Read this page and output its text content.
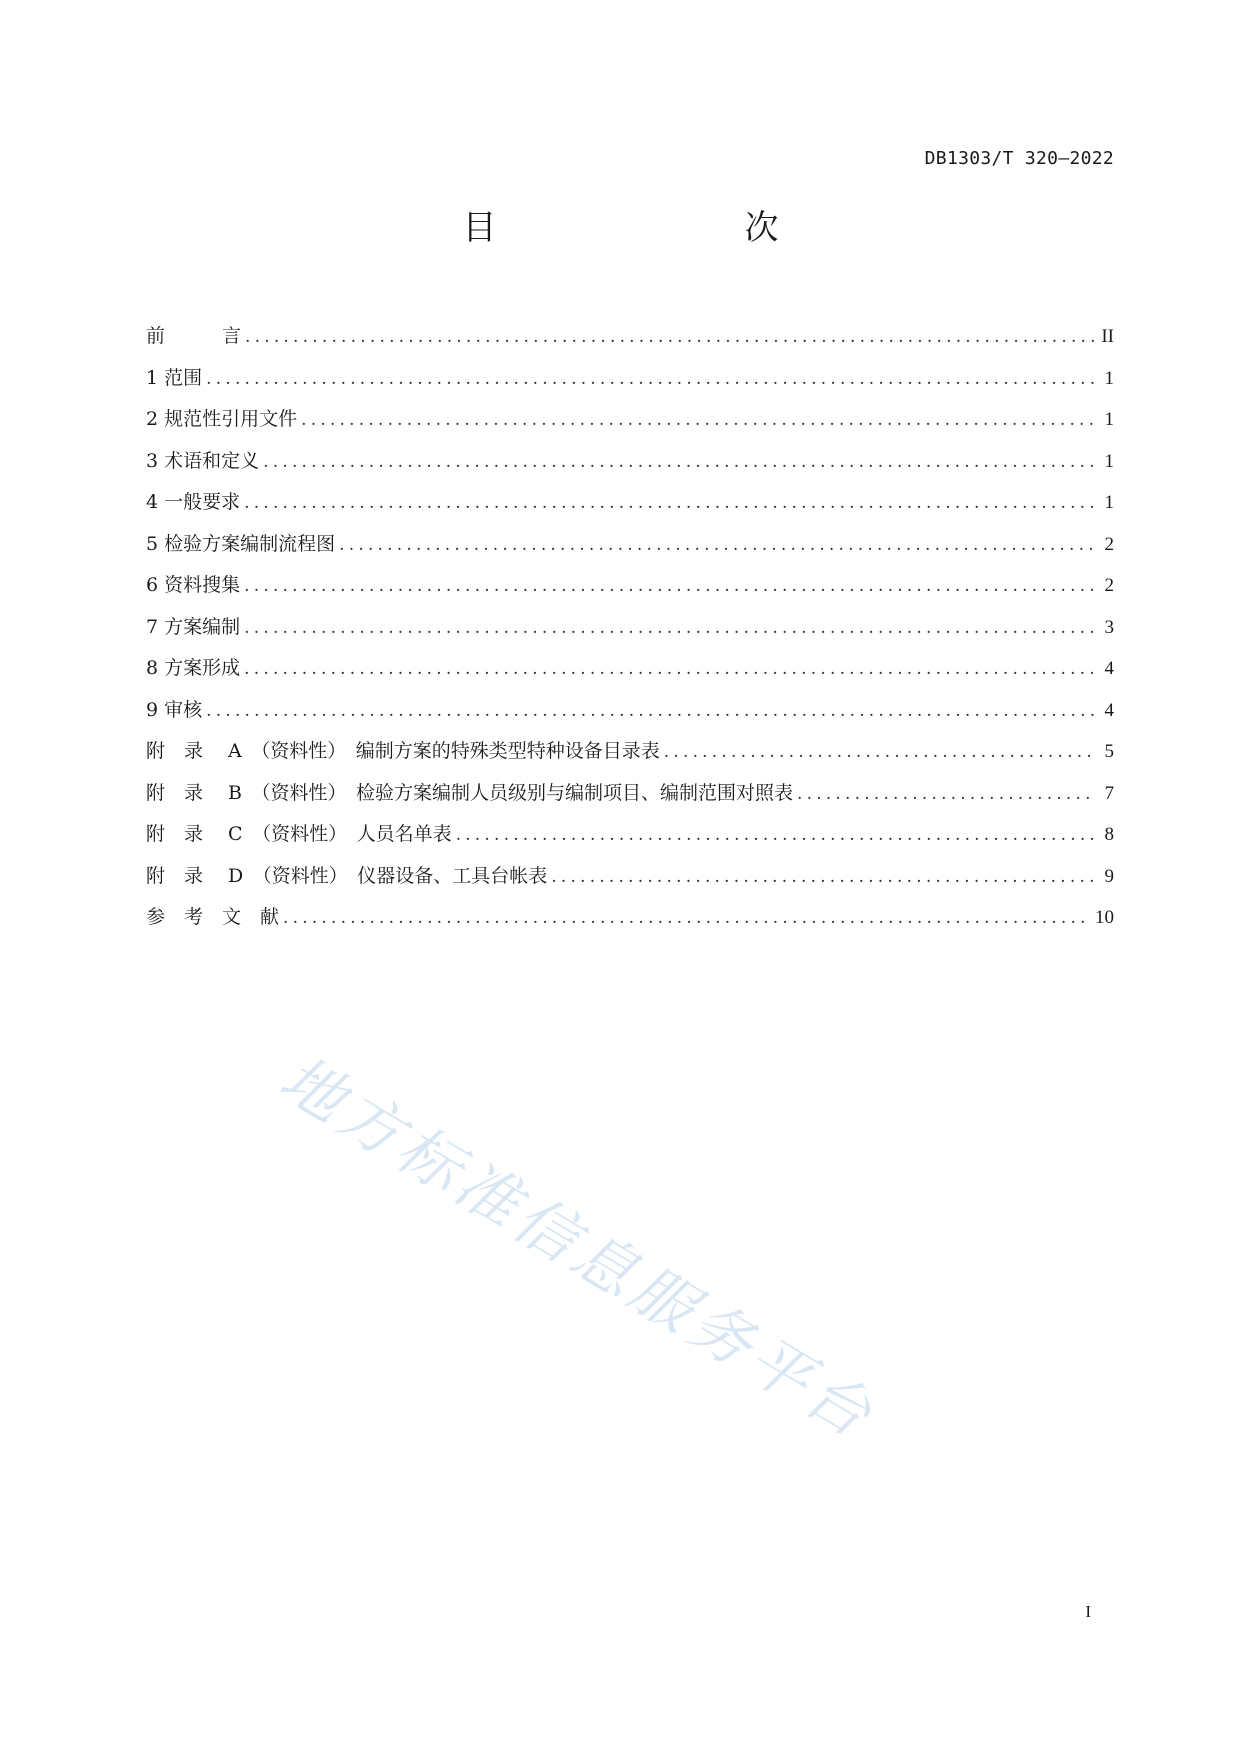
DB1303/T 320—2022
目　　次
前　　　言 .....	II
1 范围 .....	1
2 规范性引用文件 .....	1
3 术语和定义 .....	1
4 一般要求 .....	1
5 检验方案编制流程图 .....	2
6 资料搜集 .....	2
7 方案编制 .....	3
8 方案形成 .....	4
9 审核 .....	4
附　录　 A　（资料性）　编制方案的特殊类型特种设备目录表 .....	5
附　录　 B　（资料性）　检验方案编制人员级别与编制项目、编制范围对照表 .....	7
附　录　 C　（资料性）　人员名单表 .....	8
附　录　 D　（资料性）　仪器设备、工具台帐表 .....	9
参　考　文　献 .....	10
地方标准信息服务平台
I
